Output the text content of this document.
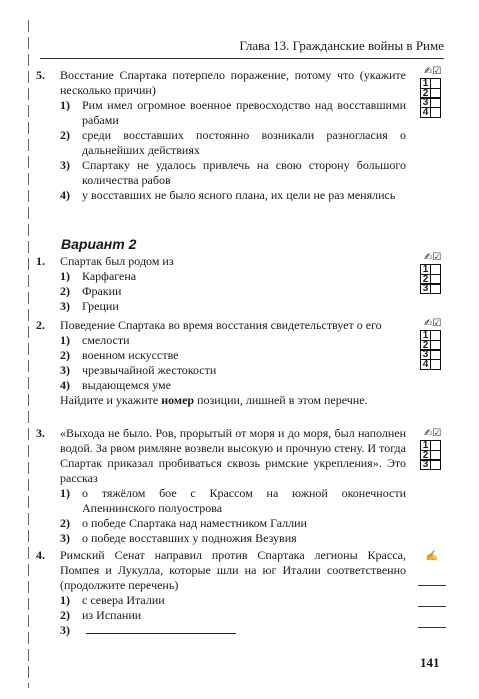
Глава 13. Гражданские войны в Риме
5. Восстание Спартака потерпело поражение, потому что (укажите несколько причин)
1) Рим имел огромное военное превосходство над восставшими рабами
2) среди восставших постоянно возникали разногласия о дальнейших действиях
3) Спартаку не удалось привлечь на свою сторону большого количества рабов
4) у восставших не было ясного плана, их цели не раз менялись
✍☑
1
2
3
4
Вариант 2
1. Спартак был родом из
1) Карфагена
2) Фракии
3) Греции
✍☑
1
2
3
2. Поведение Спартака во время восстания свидетельствует о его
1) смелости
2) военном искусстве
3) чрезвычайной жестокости
4) выдающемся уме
Найдите и укажите номер позиции, лишней в этом перечне.
✍☑
1
2
3
4
3. «Выхода не было. Ров, прорытый от моря и до моря, был наполнен водой. За рвом римляне возвели высокую и прочную стену. И тогда Спартак приказал пробиваться сквозь римские укрепления». Это рассказ
1) о тяжёлом бое с Крассом на южной оконечности Апеннинского полуострова
2) о победе Спартака над наместником Галлии
3) о победе восставших у подножия Везувия
✍☑
1
2
3
4. Римский Сенат направил против Спартака легионы Красса, Помпея и Лукулла, которые шли на юг Италии соответственно (продолжите перечень)
1) с севера Италии
2) из Испании
3)
✍
141
